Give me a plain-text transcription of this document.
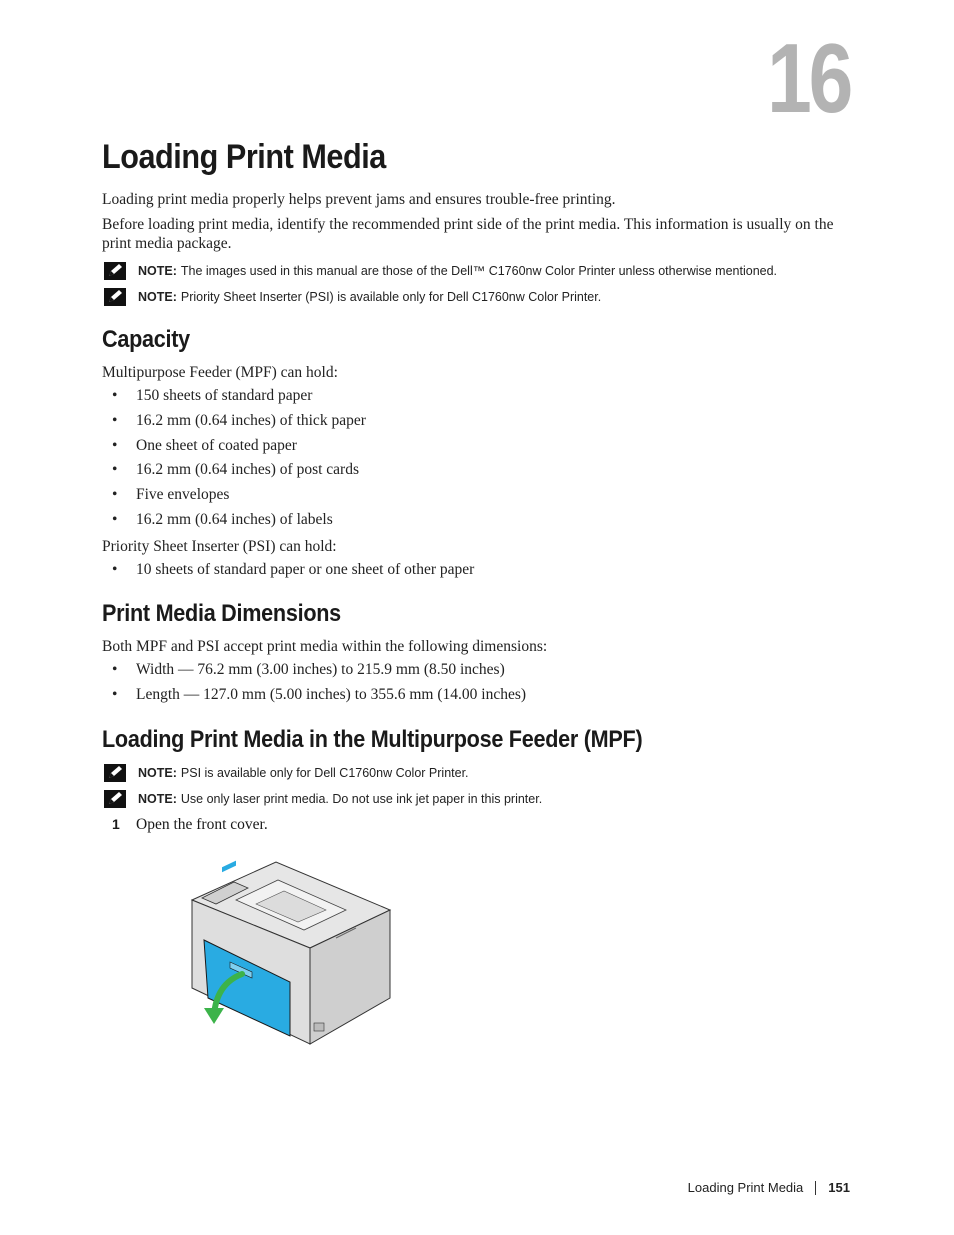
16
Loading Print Media

Loading print media properly helps prevent jams and ensures trouble-free printing.

Before loading print media, identify the recommended print side of the print media. This information is usually on the print media package.

NOTE: The images used in this manual are those of the Dell™ C1760nw Color Printer unless otherwise mentioned.
NOTE: Priority Sheet Inserter (PSI) is available only for Dell C1760nw Color Printer.
Capacity

Multipurpose Feeder (MPF) can hold:

• 150 sheets of standard paper
• 16.2 mm (0.64 inches) of thick paper
• One sheet of coated paper
• 16.2 mm (0.64 inches) of post cards
• Five envelopes
• 16.2 mm (0.64 inches) of labels

Priority Sheet Inserter (PSI) can hold:

• 10 sheets of standard paper or one sheet of other paper
Print Media Dimensions

Both MPF and PSI accept print media within the following dimensions:

• Width — 76.2 mm (3.00 inches) to 215.9 mm (8.50 inches)
• Length — 127.0 mm (5.00 inches) to 355.6 mm (14.00 inches)
Loading Print Media in the Multipurpose Feeder (MPF)
NOTE: PSI is available only for Dell C1760nw Color Printer.
NOTE: Use only laser print media. Do not use ink jet paper in this printer.
1	Open the front cover.
Loading Print Media 151
